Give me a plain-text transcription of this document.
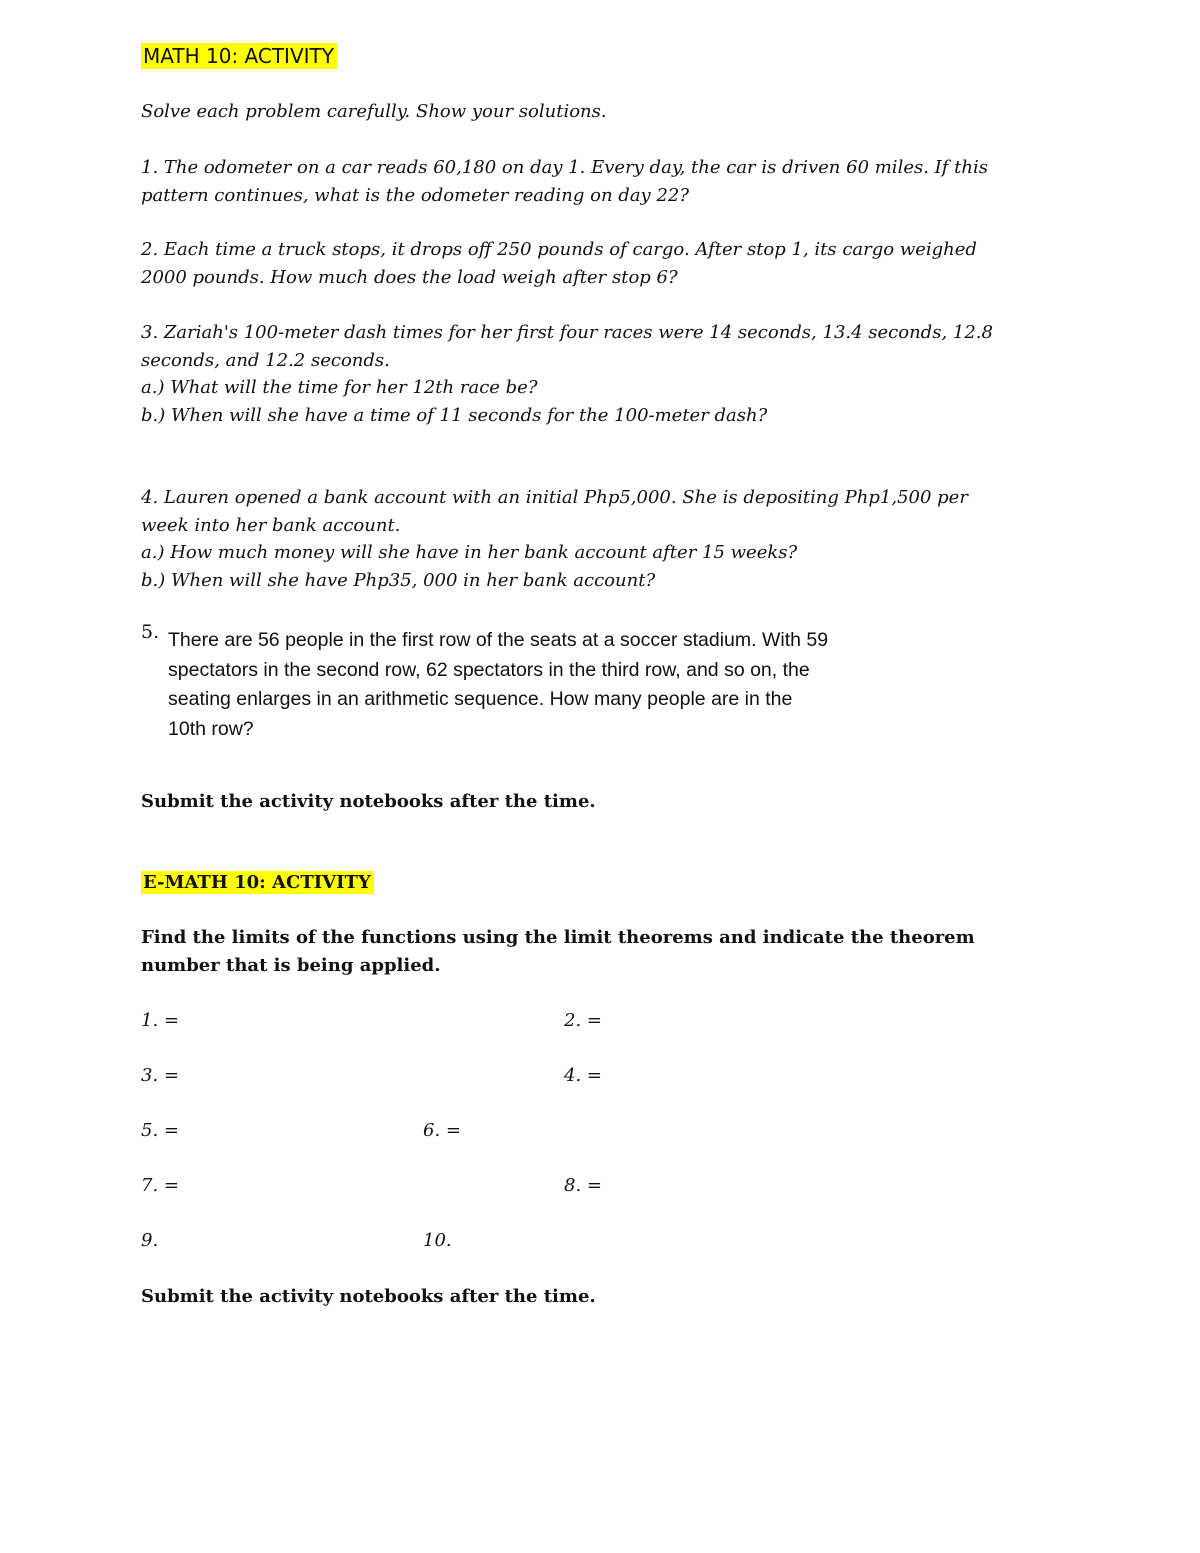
MATH 10: ACTIVITY
Solve each problem carefully. Show your solutions.
1. The odometer on a car reads 60,180 on day 1. Every day, the car is driven 60 miles. If this
pattern continues, what is the odometer reading on day 22?
2. Each time a truck stops, it drops off 250 pounds of cargo. After stop 1, its cargo weighed
2000 pounds. How much does the load weigh after stop 6?
3. Zariah's 100-meter dash times for her first four races were 14 seconds, 13.4 seconds, 12.8
seconds, and 12.2 seconds.
a.) What will the time for her 12th race be?
b.) When will she have a time of 11 seconds for the 100-meter dash?
4. Lauren opened a bank account with an initial Php5,000. She is depositing Php1,500 per
week into her bank account.
a.) How much money will she have in her bank account after 15 weeks?
b.) When will she have Php35, 000 in her bank account?
5. There are 56 people in the first row of the seats at a soccer stadium. With 59
spectators in the second row, 62 spectators in the third row, and so on, the
seating enlarges in an arithmetic sequence. How many people are in the
10th row?
Submit the activity notebooks after the time.
E-MATH 10: ACTIVITY
Find the limits of the functions using the limit theorems and indicate the theorem
number that is being applied.
1. =	2. =
3. =	4. =
5. =	6. =
7. =	8. =
9.	10.
Submit the activity notebooks after the time.
